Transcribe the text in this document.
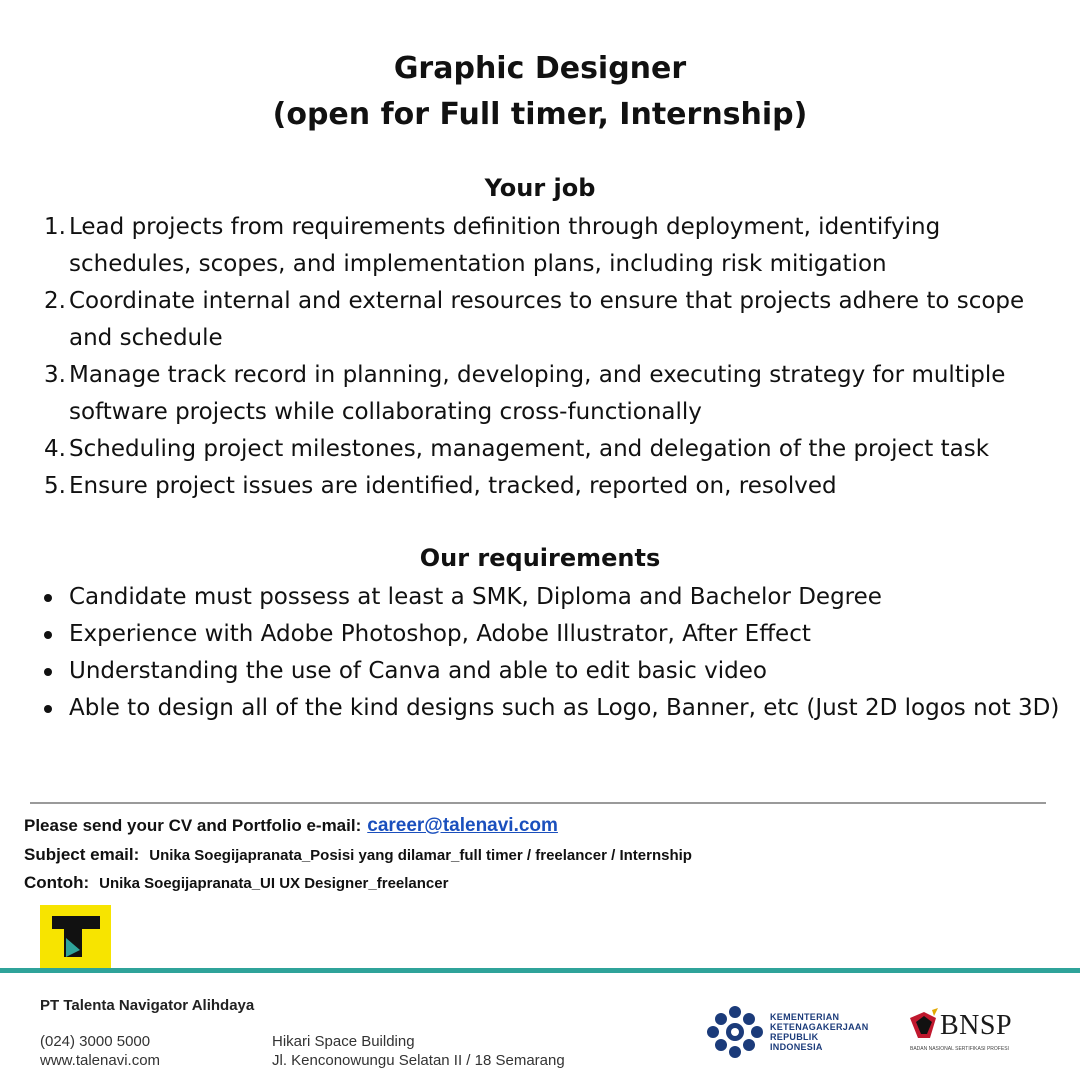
Graphic Designer
(open for Full timer, Internship)
Your job
1. Lead projects from requirements definition through deployment, identifying schedules, scopes, and implementation plans, including risk mitigation
2. Coordinate internal and external resources to ensure that projects adhere to scope and schedule
3. Manage track record in planning, developing, and executing strategy for multiple software projects while collaborating cross-functionally
4. Scheduling project milestones, management, and delegation of the project task
5. Ensure project issues are identified, tracked, reported on, resolved
Our requirements
Candidate must possess at least a SMK, Diploma and Bachelor Degree
Experience with Adobe Photoshop, Adobe Illustrator, After Effect
Understanding the use of Canva and able to edit basic video
Able to design all of the kind designs such as Logo, Banner, etc (Just 2D logos not 3D)
Please send your CV and Portfolio e-mail: career@talenavi.com
Subject email: Unika Soegijapranata_Posisi yang dilamar_full timer / freelancer / Internship
Contoh: Unika Soegijapranata_UI UX Designer_freelancer
PT Talenta Navigator Alihdaya
(024) 3000 5000
www.talenavi.com
Hikari Space Building
Jl. Kenconowungu Selatan II / 18 Semarang
KEMENTERIAN
KETENAGAKERJAAN
REPUBLIK
INDONESIA
BNSP
BADAN NASIONAL SERTIFIKASI PROFESI
